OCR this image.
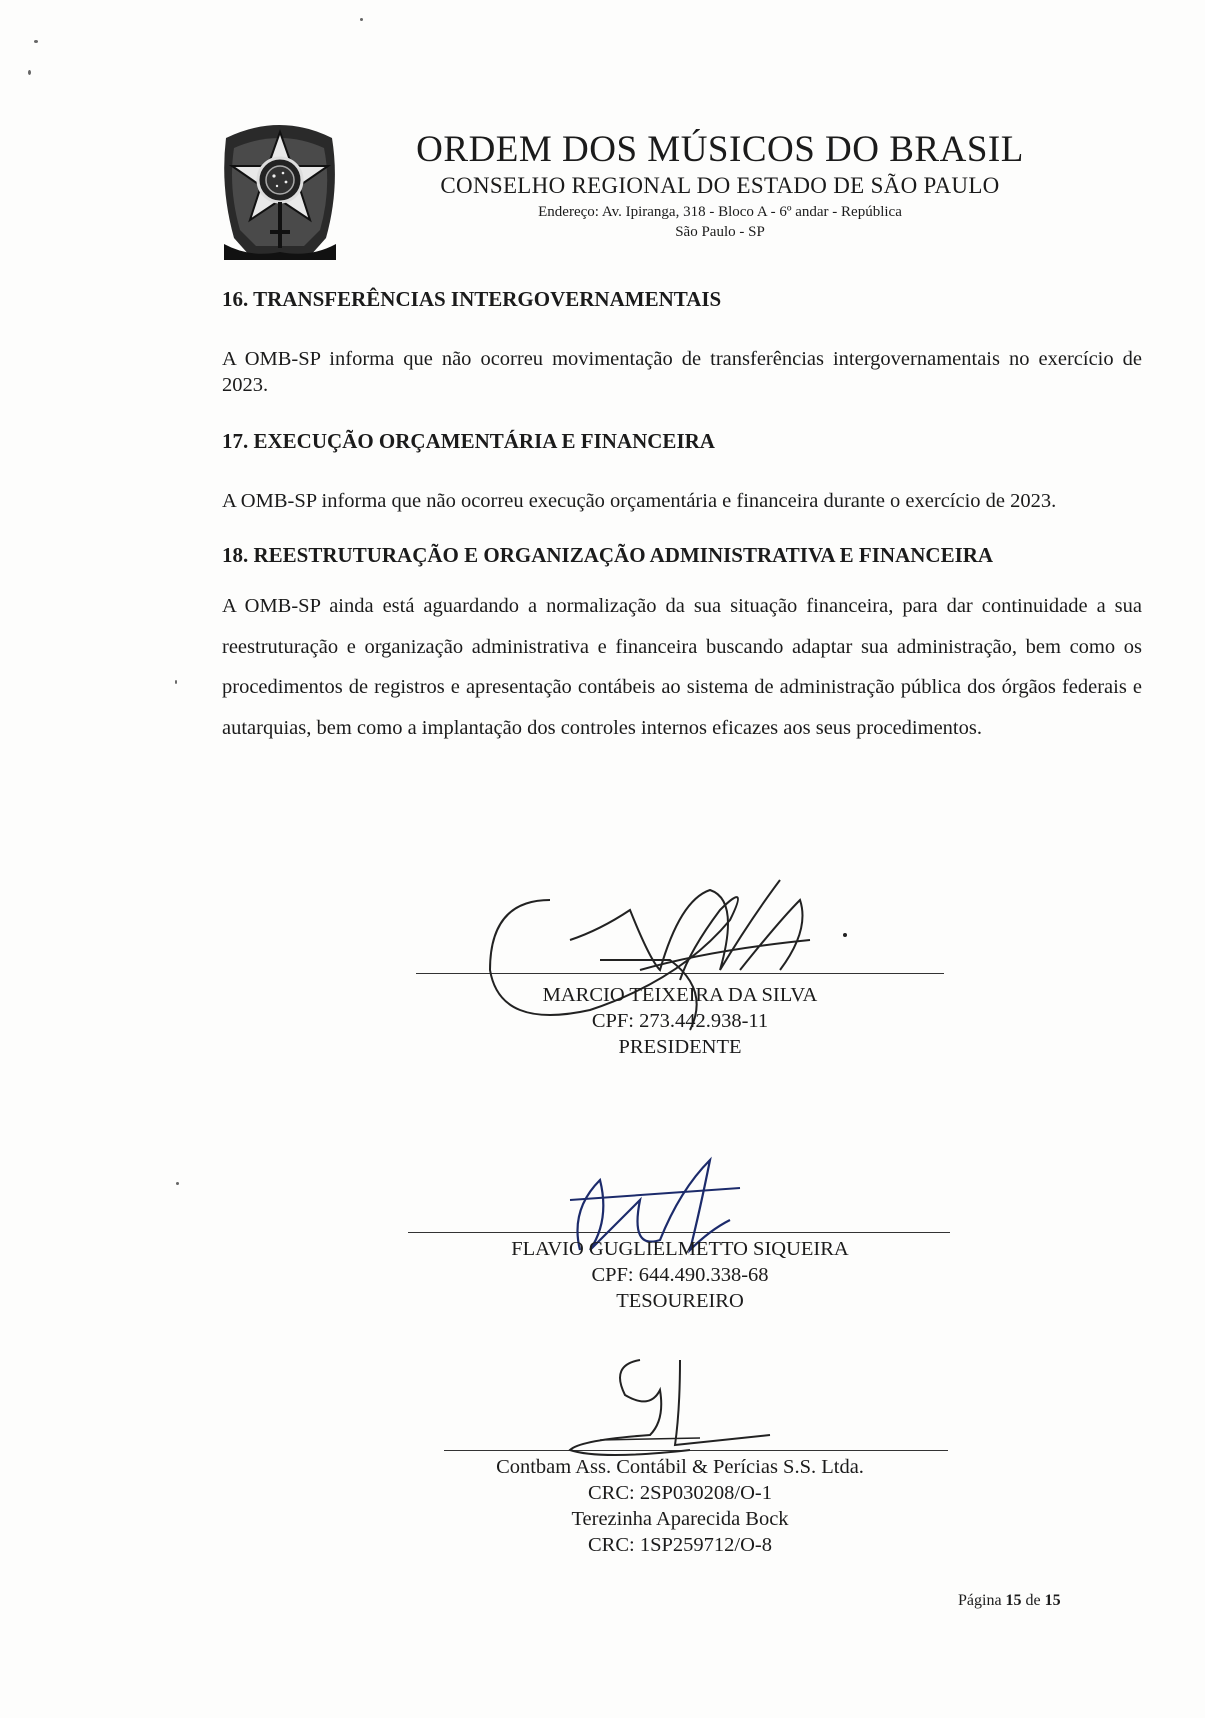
ORDEM DOS MÚSICOS DO BRASIL
CONSELHO REGIONAL DO ESTADO DE SÃO PAULO
Endereço: Av. Ipiranga, 318 - Bloco A - 6º andar - República
São Paulo - SP
16. TRANSFERÊNCIAS INTERGOVERNAMENTAIS

A OMB-SP informa que não ocorreu movimentação de transferências intergovernamentais no exercício de 2023.

17. EXECUÇÃO ORÇAMENTÁRIA E FINANCEIRA

A OMB-SP informa que não ocorreu execução orçamentária e financeira durante o exercício de 2023.

18. REESTRUTURAÇÃO E ORGANIZAÇÃO ADMINISTRATIVA E FINANCEIRA

A OMB-SP ainda está aguardando a normalização da sua situação financeira, para dar continuidade a sua reestruturação e organização administrativa e financeira buscando adaptar sua administração, bem como os procedimentos de registros e apresentação contábeis ao sistema de administração pública dos órgãos federais e autarquias, bem como a implantação dos controles internos eficazes aos seus procedimentos.

MARCIO TEIXEIRA DA SILVA
CPF: 273.442.938-11
PRESIDENTE
FLAVIO GUGLIELMETTO SIQUEIRA
CPF: 644.490.338-68
TESOUREIRO
Contbam Ass. Contábil & Perícias S.S. Ltda.
CRC: 2SP030208/O-1
Terezinha Aparecida Bock
CRC: 1SP259712/O-8
Página 15 de 15
